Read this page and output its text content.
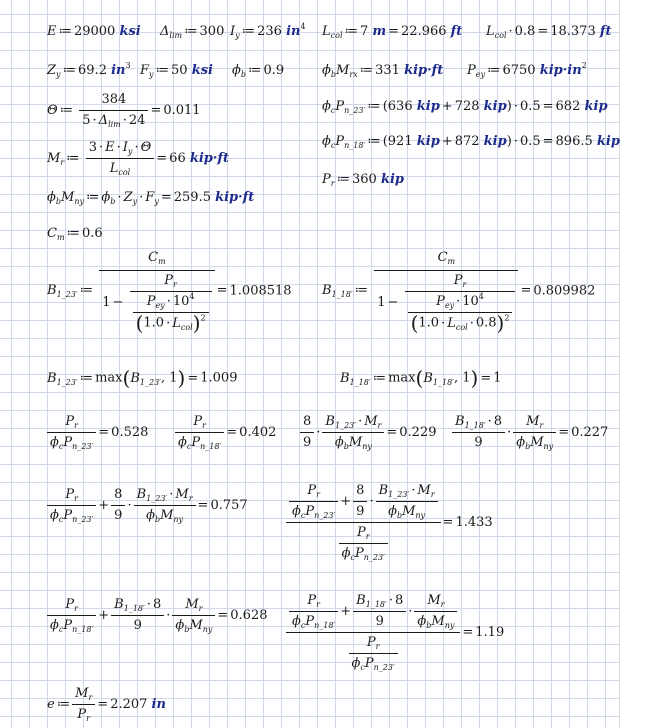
E ≔ 29000 ksi $\Delta_{lim}$ ≔ 300 $I_y$ ≔ 236 $in^4$ $L_{col}$ ≔ 7 m = 22.966 ft $L_{col} \cdot 0.8 = 18.373$ ft
$Z_y$ ≔ 69.2 $in^3$ $F_y$ ≔ 50 ksi $\phi_b$ ≔ 0.9	$\phi_bM_{rx}$ ≔ 331 kip·ft $P_{ey}$ ≔ 6750 $kip\cdot in^2$
Θ ≔ $\frac{384}{5 \cdot \Delta_{lim} \cdot 24} = 0.011$	$\phi_cP_{n\_23'}$ ≔ (636 kip + 728 kip) · 0.5 = 682 kip
$\phi_cP_{n\_18'}$ ≔ (921 kip + 872 kip) · 0.5 = 896.5 kip
$M_r$ ≔ $\frac{3 \cdot E \cdot I_y \cdot \Theta}{L_{col}} = 66$ kip·ft
$P_r$ ≔ 360 kip
$\phi_bM_{ny}$ ≔ $\phi_b \cdot Z_y \cdot F_y = 259.5$ kip·ft
$C_m$ ≔ 0.6
$B_{1\_23'}$ ≔
$C_m$
$1 - \frac{P_r}{\frac{P_{ey} \cdot 10^4}{(1.0 \cdot L_{col})^2}} = 1.008518$ $B_{1\_18'}$ ≔
$C_m$
$1 - \frac{P_r}{\frac{P_{ey} \cdot 10^4}{(1.0 \cdot L_{col} \cdot 0.8)^2}} = 0.809982$
$B_{1\_23'}$ ≔ $\max(B_{1\_23'}$, 1) = 1.009	$B_{1\_18'}$ ≔ $\max(B_{1\_18'}$, 1) = 1
$\frac{P_r}{\phi_cP_{n\_23'}} = 0.528 \frac{P_r}{\phi_cP_{n\_18'}} = 0.402 \frac{8}{9} \cdot \frac{B_{1\_23'} \cdot M_r}{\phi_bM_{ny}} = 0.229 \frac{B_{1\_18'} \cdot 8}{9} \cdot \frac{M_r}{\phi_bM_{ny}} = 0.227$
$\frac{P_r}{\phi_cP_{n\_23'}} + \frac{8}{9} \cdot \frac{B_{1\_23'} \cdot M_r}{\phi_bM_{ny}} = 0.757$	$\frac{\frac{P_r}{\phi_cP_{n\_23'}} + \frac{8}{9} \cdot \frac{B_{1\_23'} \cdot M_r}{\phi_bM_{ny}}}{\frac{P_r}{\phi_cP_{n\_23'}}} = 1.433$
$\frac{P_r}{\phi_cP_{n\_18'}} + \frac{B_{1\_18'} \cdot 8}{9} \cdot \frac{M_r}{\phi_bM_{ny}} = 0.628 \frac{\frac{P_r}{\phi_cP_{n\_18'}} + \frac{B_{1\_18'} \cdot 8}{9} \cdot \frac{M_r}{\phi_bM_{ny}}}{\frac{P_r}{\phi_cP_{n\_23'}}} = 1.19$
e ≔ $\frac{M_r}{P_r} = 2.207$ in
